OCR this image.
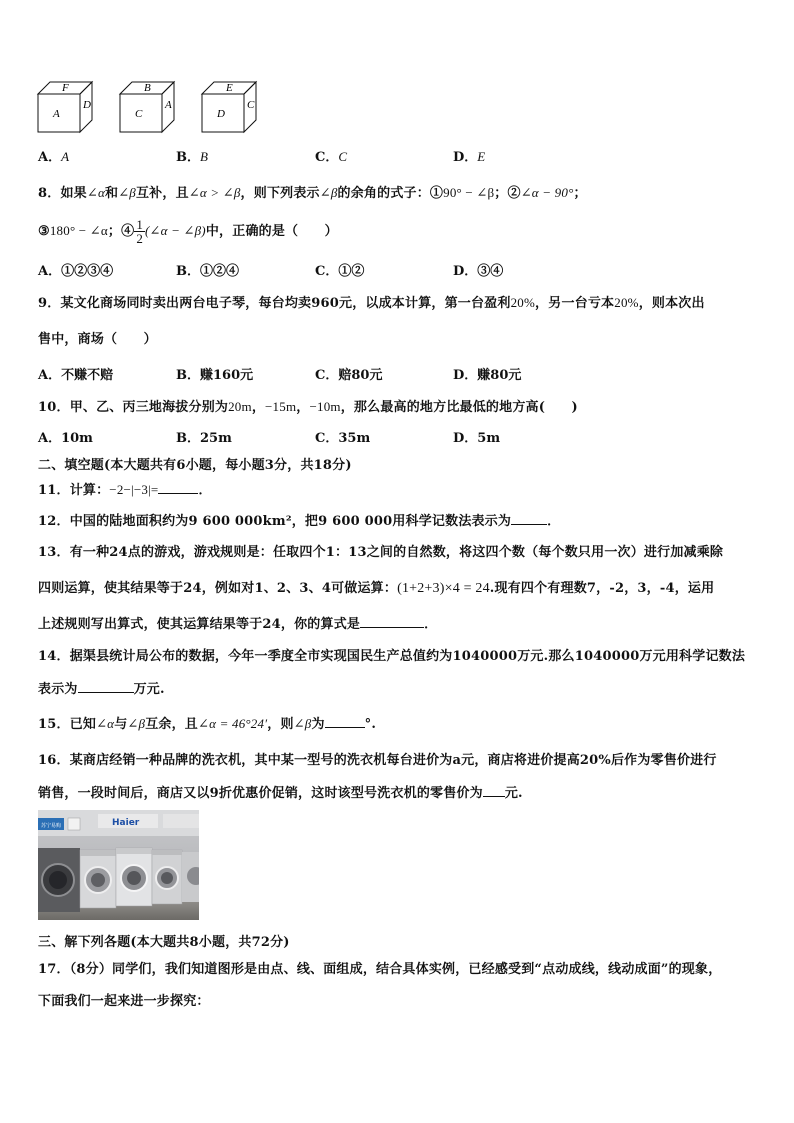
F
A
D
B
C
A
E
D
C
A．A	B．B	C．C	D．E
8．如果∠α和∠β互补，且∠α > ∠β，则下列表示∠β的余角的式子：①90° − ∠β；②∠α − 90°；
③180° − ∠α；④ $\frac{1}{2}$ (∠α − ∠β)中，正确的是（　　）
A．①②③④	B．①②④	C．①②	D．③④
9．某文化商场同时卖出两台电子琴，每台均卖960元，以成本计算，第一台盈利20%，另一台亏本20%，则本次出
售中，商场（　　）
A．不赚不赔	B．赚160元	C．赔80元	D．赚80元
10．甲、乙、丙三地海拔分别为20m，−15m，−10m，那么最高的地方比最低的地方高(　　)
A．10m	B．25m	C．35m	D．5m
二、填空题(本大题共有6小题，每小题3分，共18分)
11．计算：−2−|−3|=	．
12．中国的陆地面积约为9 600 000km²，把9 600 000用科学记数法表示为	．
13．有一种24点的游戏，游戏规则是：任取四个1：13之间的自然数，将这四个数（每个数只用一次）进行加减乘除
四则运算，使其结果等于24，例如对1、2、3、4可做运算：(1+2+3)×4 = 24.现有四个有理数7，-2，3，-4，运用
上述规则写出算式，使其运算结果等于24，你的算式是	．
14．据渠县统计局公布的数据，今年一季度全市实现国民生产总值约为1040000万元.那么1040000万元用科学记数法
表示为	万元.
15．已知∠α与∠β互余，且∠α = 46°24′，则∠β为	°.
16．某商店经销一种品牌的洗衣机，其中某一型号的洗衣机每台进价为a元，商店将进价提高20%后作为零售价进行
销售，一段时间后，商店又以9折优惠价促销，这时该型号洗衣机的零售价为 元.
苏宁易购	Haier
三、解下列各题(本大题共8小题，共72分)
17．（8分）同学们，我们知道图形是由点、线、面组成，结合具体实例，已经感受到“点动成线，线动成面”的现象，
下面我们一起来进一步探究：
